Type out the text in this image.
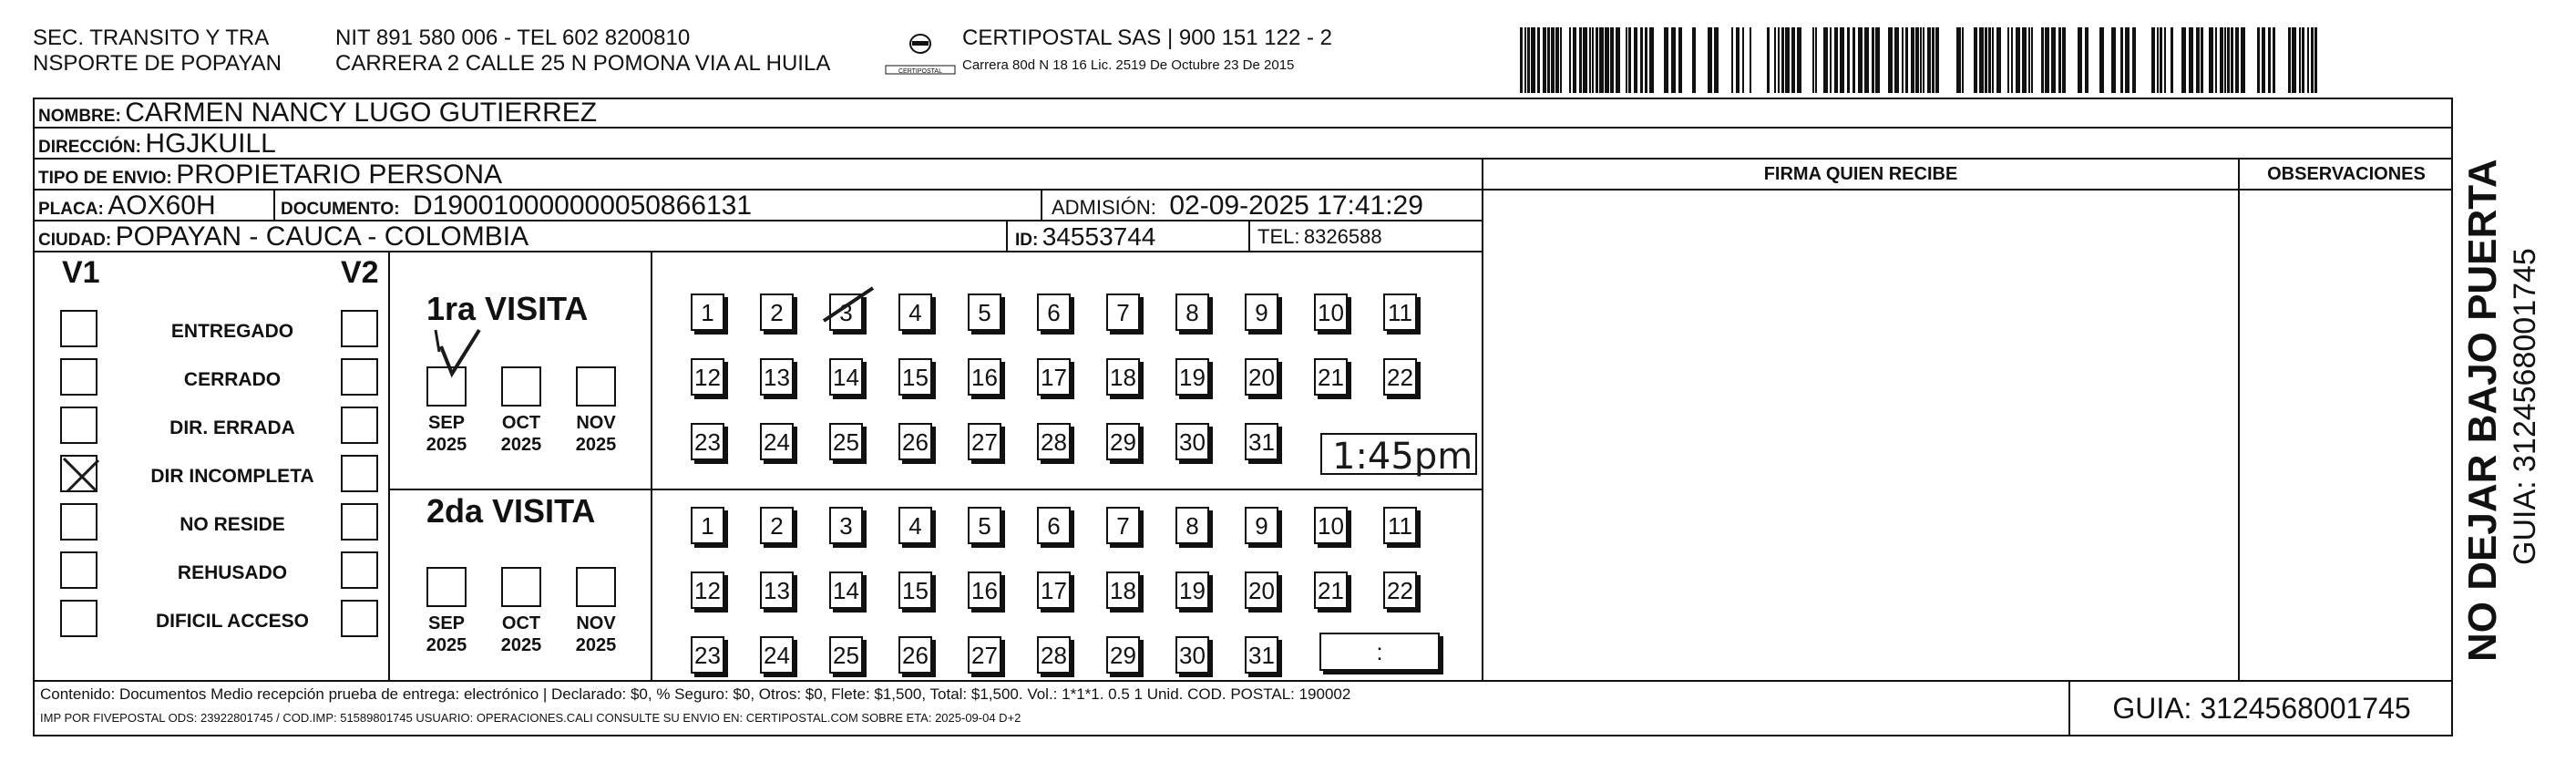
SEC. TRANSITO Y TRA
NSPORTE DE POPAYAN
NIT 891 580 006 - TEL 602 8200810
CARRERA 2 CALLE 25 N POMONA VIA AL HUILA	CERTIPOSTAL
CERTIPOSTAL SAS | 900 151 122 - 2
Carrera 80d N 18 16 Lic. 2519 De Octubre 23 De 2015
NOMBRE: CARMEN NANCY LUGO GUTIERREZ
DIRECCIÓN: HGJKUILL
TIPO DE ENVIO: PROPIETARIO PERSONA	FIRMA QUIEN RECIBE	OBSERVACIONES
PLACA: AOX60H	DOCUMENTO: D190010000000050866131	ADMISIÓN: 02-09-2025 17:41:29
CIUDAD: POPAYAN - CAUCA - COLOMBIA	ID: 34553744	TEL: 8326588
V1	V2
ENTREGADO
CERRADO
DIR. ERRADA
DIR INCOMPLETA
NO RESIDE
REHUSADO
DIFICIL ACCESO
1ra VISITA
2da VISITA
SEP
2025
OCT
2025
NOV
2025
SEP
2025
OCT
2025
NOV
2025
1	2	3	4	5	6	7	8	9	10 11
12 13 14 15 16 17 18 19 20 21 22
23 24 25 26 27 28 29 30 31
1	2	3	4	5	6	7	8	9	10 11
12 13 14 15 16 17 18 19 20 21 22
23 24 25 26 27 28 29 30 31
1:45pm
:	NO DEJAR BAJO PUERTA GUIA: 3124568001745
Contenido: Documentos Medio recepción prueba de entrega: electrónico | Declarado: $0, % Seguro: $0, Otros: $0, Flete: $1,500, Total: $1,500. Vol.: 1*1*1. 0.5 1 Unid. COD. POSTAL: 190002
IMP POR FIVEPOSTAL ODS: 23922801745 / COD.IMP: 51589801745 USUARIO: OPERACIONES.CALI CONSULTE SU ENVIO EN: CERTIPOSTAL.COM SOBRE ETA: 2025-09-04 D+2	GUIA: 3124568001745
